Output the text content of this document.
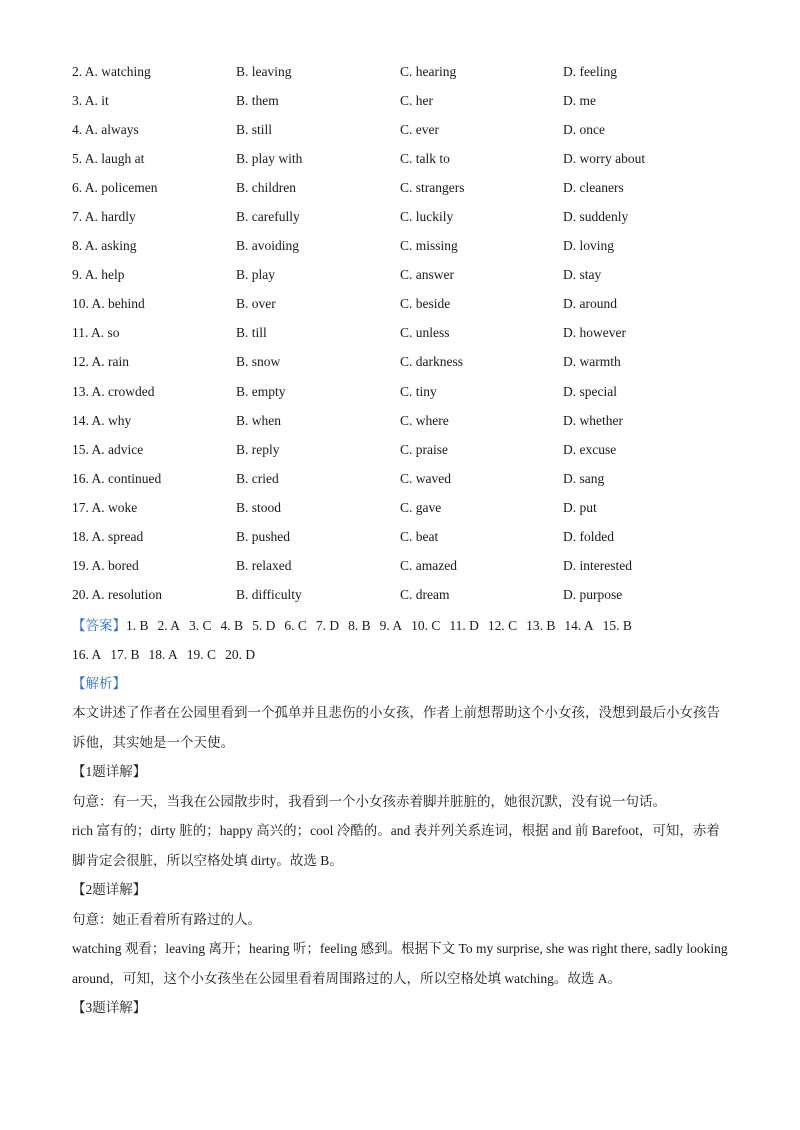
2. A. watching	B. leaving	C. hearing	D. feeling
3. A. it	B. them	C. her	D. me
4. A. always	B. still	C. ever	D. once
5. A. laugh at	B. play with	C. talk to	D. worry about
6. A. policemen	B. children	C. strangers	D. cleaners
7. A. hardly	B. carefully	C. luckily	D. suddenly
8. A. asking	B. avoiding	C. missing	D. loving
9. A. help	B. play	C. answer	D. stay
10. A. behind	B. over	C. beside	D. around
11. A. so	B. till	C. unless	D. however
12. A. rain	B. snow	C. darkness	D. warmth
13. A. crowded	B. empty	C. tiny	D. special
14. A. why	B. when	C. where	D. whether
15. A. advice	B. reply	C. praise	D. excuse
16. A. continued	B. cried	C. waved	D. sang
17. A. woke	B. stood	C. gave	D. put
18. A. spread	B. pushed	C. beat	D. folded
19. A. bored	B. relaxed	C. amazed	D. interested
20. A. resolution	B. difficulty	C. dream	D. purpose
【答案】1. B 2. A 3. C 4. B 5. D 6. C 7. D 8. B 9. A 10. C 11. D 12. C 13. B 14. A 15. B
16. A 17. B 18. A 19. C 20. D
【解析】

本文讲述了作者在公园里看到一个孤单并且悲伤的小女孩，作者上前想帮助这个小女孩，没想到最后小女孩告诉他，其实她是一个天使。

【1题详解】

句意：有一天，当我在公园散步时，我看到一个小女孩赤着脚并脏脏的，她很沉默，没有说一句话。

rich 富有的；dirty 脏的；happy 高兴的；cool 冷酷的。and 表并列关系连词，根据 and 前 Barefoot，可知，赤着脚肯定会很脏，所以空格处填 dirty。故选 B。

【2题详解】

句意：她正看着所有路过的人。

watching 观看；leaving 离开；hearing 听；feeling 感到。根据下文 To my surprise, she was right there, sadly looking around，可知，这个小女孩坐在公园里看着周围路过的人，所以空格处填 watching。故选 A。

【3题详解】
